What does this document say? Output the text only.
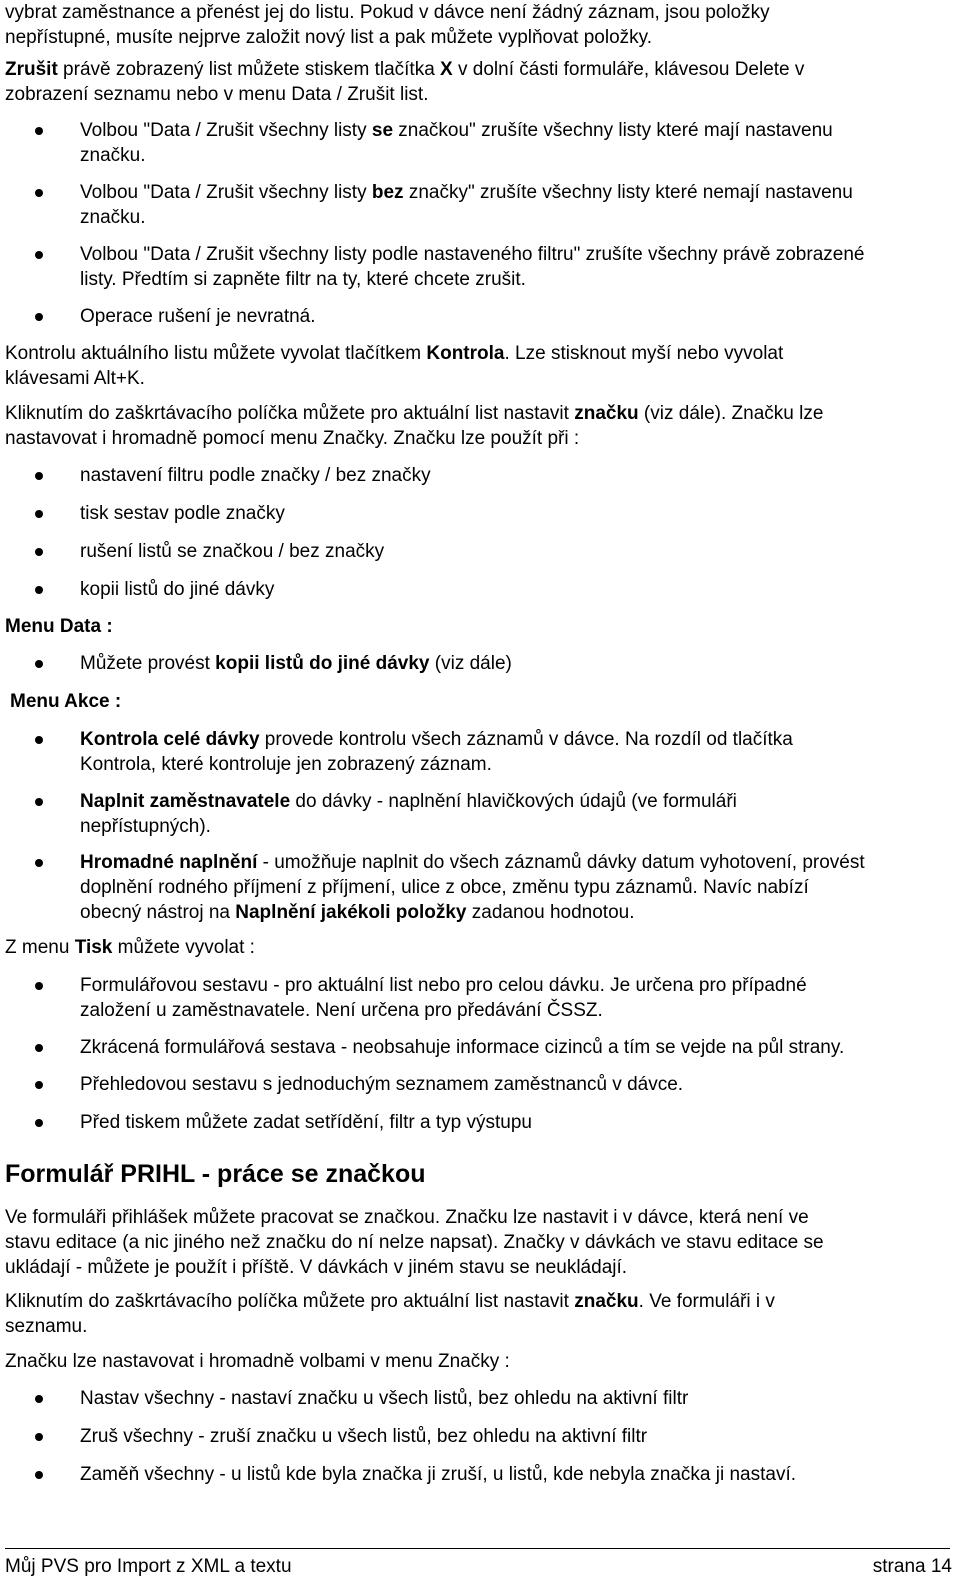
vybrat zaměstnance a přenést jej do listu. Pokud v dávce není žádný záznam, jsou položky
nepřístupné, musíte nejprve založit nový list a pak můžete vyplňovat položky.

Zrušit právě zobrazený list můžete stiskem tlačítka X v dolní části formuláře, klávesou Delete v
zobrazení seznamu nebo v menu Data / Zrušit list.

Volbou "Data / Zrušit všechny listy se značkou" zrušíte všechny listy které mají nastavenu
značku.

Volbou "Data / Zrušit všechny listy bez značky" zrušíte všechny listy které nemají nastavenu
značku.

Volbou "Data / Zrušit všechny listy podle nastaveného filtru" zrušíte všechny právě zobrazené
listy. Předtím si zapněte filtr na ty, které chcete zrušit.

Operace rušení je nevratná.

Kontrolu aktuálního listu můžete vyvolat tlačítkem Kontrola. Lze stisknout myší nebo vyvolat
klávesami Alt+K.

Kliknutím do zaškrtávacího políčka můžete pro aktuální list nastavit značku (viz dále). Značku lze
nastavovat i hromadně pomocí menu Značky. Značku lze použít při :

nastavení filtru podle značky / bez značky

tisk sestav podle značky

rušení listů se značkou / bez značky

kopii listů do jiné dávky

Menu Data :

Můžete provést kopii listů do jiné dávky (viz dále)

Menu Akce :

Kontrola celé dávky provede kontrolu všech záznamů v dávce. Na rozdíl od tlačítka
Kontrola, které kontroluje jen zobrazený záznam.

Naplnit zaměstnavatele do dávky - naplnění hlavičkových údajů (ve formuláři
nepřístupných).

Hromadné naplnění - umožňuje naplnit do všech záznamů dávky datum vyhotovení, provést
doplnění rodného příjmení z příjmení, ulice z obce, změnu typu záznamů. Navíc nabízí
obecný nástroj na Naplnění jakékoli položky zadanou hodnotou.

Z menu Tisk můžete vyvolat :

Formulářovou sestavu - pro aktuální list nebo pro celou dávku. Je určena pro případné
založení u zaměstnavatele. Není určena pro předávání ČSSZ.

Zkrácená formulářová sestava - neobsahuje informace cizinců a tím se vejde na půl strany.

Přehledovou sestavu s jednoduchým seznamem zaměstnanců v dávce.

Před tiskem můžete zadat setřídění, filtr a typ výstupu

Formulář PRIHL - práce se značkou

Ve formuláři přihlášek můžete pracovat se značkou. Značku lze nastavit i v dávce, která není ve
stavu editace (a nic jiného než značku do ní nelze napsat). Značky v dávkách ve stavu editace se
ukládají - můžete je použít i příště. V dávkách v jiném stavu se neukládají.

Kliknutím do zaškrtávacího políčka můžete pro aktuální list nastavit značku. Ve formuláři i v
seznamu.

Značku lze nastavovat i hromadně volbami v menu Značky :

Nastav všechny - nastaví značku u všech listů, bez ohledu na aktivní filtr

Zruš všechny - zruší značku u všech listů, bez ohledu na aktivní filtr

Zaměň všechny - u listů kde byla značka ji zruší, u listů, kde nebyla značka ji nastaví.

Můj PVS pro Import z XML a textu	strana 14
